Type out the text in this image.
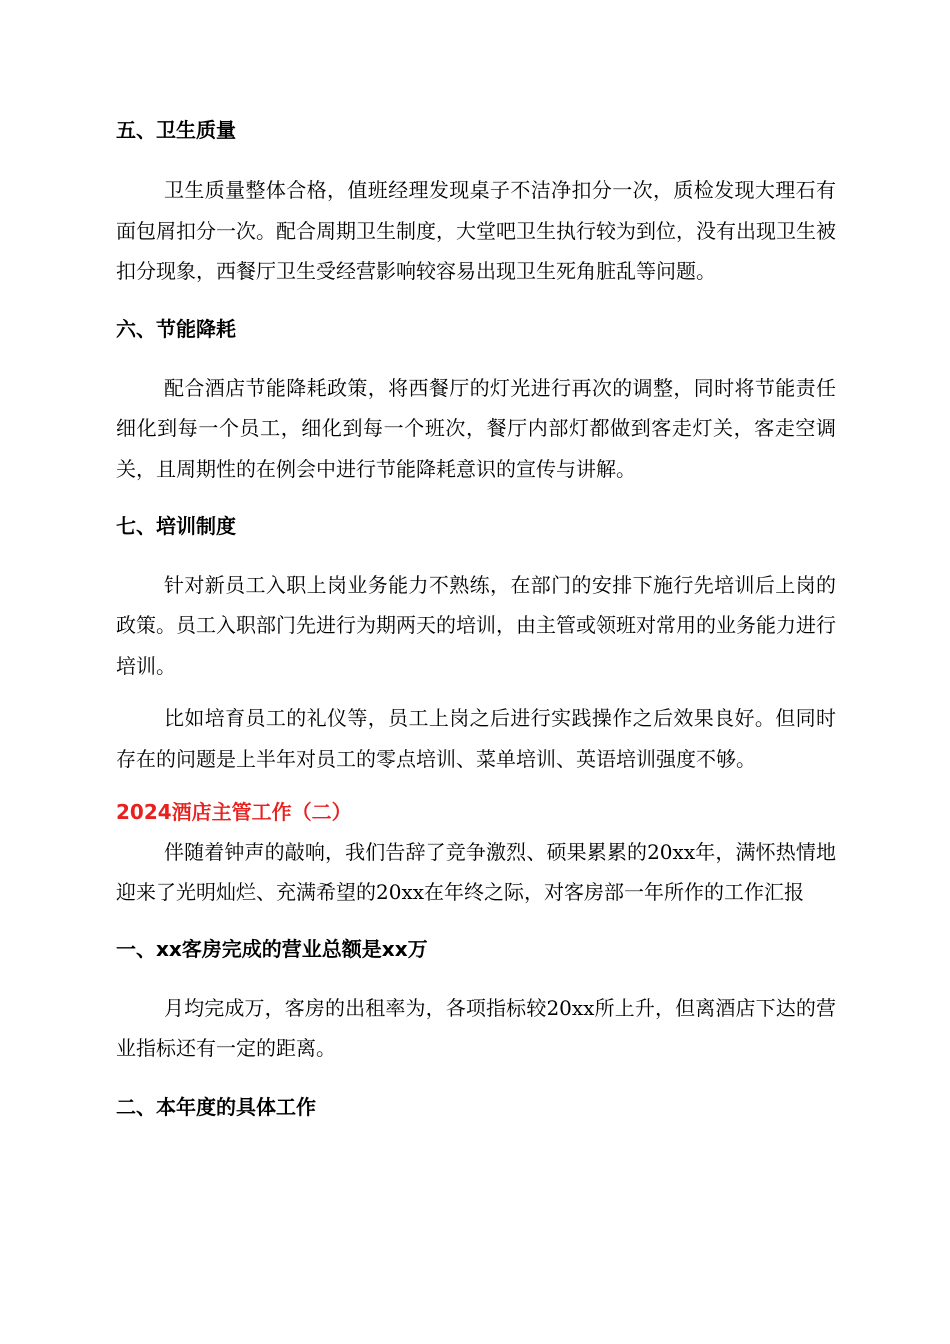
五、卫生质量

卫生质量整体合格，值班经理发现桌子不洁净扣分一次，质检发现大理石有面包屑扣分一次。配合周期卫生制度，大堂吧卫生执行较为到位，没有出现卫生被扣分现象，西餐厅卫生受经营影响较容易出现卫生死角脏乱等问题。

六、节能降耗

配合酒店节能降耗政策，将西餐厅的灯光进行再次的调整，同时将节能责任细化到每一个员工，细化到每一个班次，餐厅内部灯都做到客走灯关，客走空调关，且周期性的在例会中进行节能降耗意识的宣传与讲解。

七、培训制度

针对新员工入职上岗业务能力不熟练，在部门的安排下施行先培训后上岗的政策。员工入职部门先进行为期两天的培训，由主管或领班对常用的业务能力进行培训。

比如培育员工的礼仪等，员工上岗之后进行实践操作之后效果良好。但同时存在的问题是上半年对员工的零点培训、菜单培训、英语培训强度不够。

2024酒店主管工作（二）

伴随着钟声的敲响，我们告辞了竞争激烈、硕果累累的20xx年，满怀热情地迎来了光明灿烂、充满希望的20xx在年终之际，对客房部一年所作的工作汇报

一、xx客房完成的营业总额是xx万

月均完成万，客房的出租率为，各项指标较20xx所上升，但离酒店下达的营业指标还有一定的距离。

二、本年度的具体工作
